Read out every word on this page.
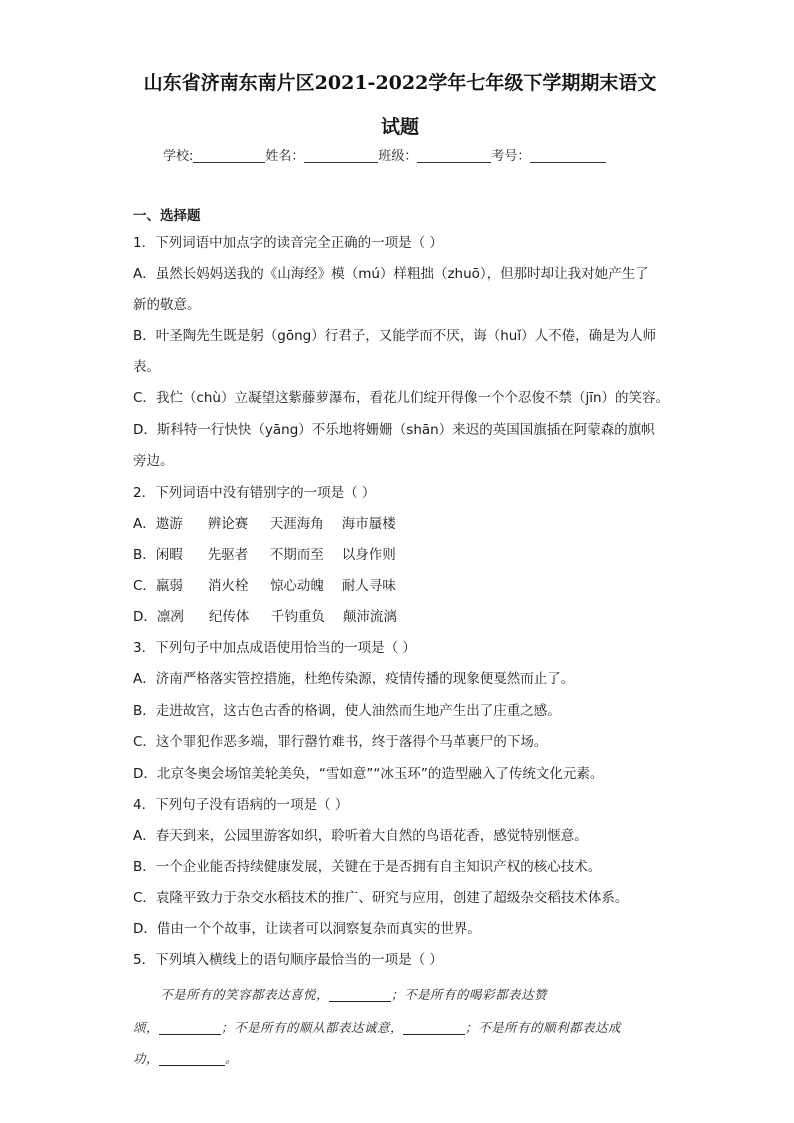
山东省济南东南片区2021-2022学年七年级下学期期末语文
试题
学校:	姓名：	班级：	考号：
一、选择题
1．下列词语中加点字的读音完全正确的一项是（ ）
A．虽然长妈妈送我的《山海经》模（mú）样粗拙（zhuō），但那时却让我对她产生了
新的敬意。
B．叶圣陶先生既是躬（gōng）行君子，又能学而不厌，诲（huǐ）人不倦，确是为人师
表。
C．我伫（chù）立凝望这紫藤萝瀑布，看花儿们绽开得像一个个忍俊不禁（jīn）的笑容。
D．斯科特一行快快（yāng）不乐地将姗姗（shān）来迟的英国国旗插在阿蒙森的旗帜
旁边。
2．下列词语中没有错别字的一项是（ ）
A．遨游 辨论赛 天涯海角 海市蜃楼
B．闲暇 先驱者 不期而至 以身作则
C．羸弱 消火栓 惊心动魄 耐人寻味
D．凛冽 纪传体 千钧重负 颠沛流漓
3．下列句子中加点成语使用恰当的一项是（ ）
A．济南严格落实管控措施，杜绝传染源，疫情传播的现象便戛然而止了。
B．走进故宫，这古色古香的格调，使人油然而生地产生出了庄重之感。
C．这个罪犯作恶多端，罪行罄竹难书，终于落得个马革裹尸的下场。
D．北京冬奥会场馆美轮美奂，“雪如意”“冰玉环”的造型融入了传统文化元素。
4．下列句子没有语病的一项是（ ）
A．春天到来，公园里游客如织，聆听着大自然的鸟语花香，感觉特别惬意。
B．一个企业能否持续健康发展，关键在于是否拥有自主知识产权的核心技术。
C．袁隆平致力于杂交水稻技术的推广、研究与应用，创建了超级杂交稻技术体系。
D．借由一个个故事，让读者可以洞察复杂而真实的世界。
5．下列填入横线上的语句顺序最恰当的一项是（ ）
不是所有的笑容都表达喜悦，	；不是所有的喝彩都表达赞
颂，	；不是所有的顺从都表达诚意，	；不是所有的顺利都表达成
功，	。
